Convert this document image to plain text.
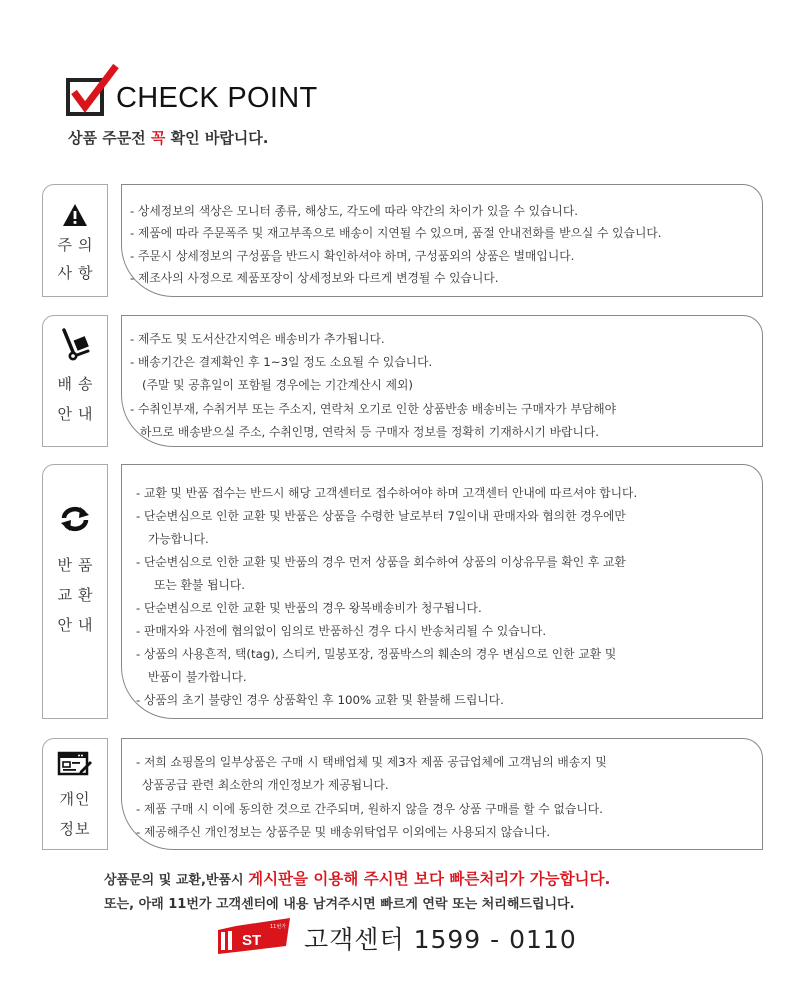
CHECK POINT
상품 주문전 꼭 확인 바랍니다.
주의
사항
- 상세정보의 색상은 모니터 종류, 해상도, 각도에 따라 약간의 차이가 있을 수 있습니다.
- 제품에 따라 주문폭주 및 재고부족으로 배송이 지연될 수 있으며, 품절 안내전화를 받으실 수 있습니다.
- 주문시 상세정보의 구성품을 반드시 확인하셔야 하며, 구성품외의 상품은 별매입니다.
- 제조사의 사정으로 제품포장이 상세정보와 다르게 변경될 수 있습니다.
배송
안내
- 제주도 및 도서산간지역은 배송비가 추가됩니다.
- 배송기간은 결제확인 후 1~3일 정도 소요될 수 있습니다.
(주말 및 공휴일이 포함될 경우에는 기간계산시 제외)
- 수취인부재, 수취거부 또는 주소지, 연락처 오기로 인한 상품반송 배송비는 구매자가 부담해야
하므로 배송받으실 주소, 수취인명, 연락처 등 구매자 정보를 정확히 기재하시기 바랍니다.
반품
교환
안내
- 교환 및 반품 접수는 반드시 해당 고객센터로 접수하여야 하며 고객센터 안내에 따르셔야 합니다.
- 단순변심으로 인한 교환 및 반품은 상품을 수령한 날로부터 7일이내 판매자와 협의한 경우에만
가능합니다.
- 단순변심으로 인한 교환 및 반품의 경우 먼저 상품을 회수하여 상품의 이상유무를 확인 후 교환
또는 환불 됩니다.
- 단순변심으로 인한 교환 및 반품의 경우 왕복배송비가 청구됩니다.
- 판매자와 사전에 협의없이 임의로 반품하신 경우 다시 반송처리될 수 있습니다.
- 상품의 사용흔적, 택(tag), 스티커, 밀봉포장, 정품박스의 훼손의 경우 변심으로 인한 교환 및
반품이 불가합니다.
- 상품의 초기 불량인 경우 상품확인 후 100% 교환 및 환불해 드립니다.
개인
정보
- 저희 쇼핑몰의 일부상품은 구매 시 택배업체 및 제3자 제품 공급업체에 고객님의 배송지 및
상품공급 관련 최소한의 개인정보가 제공됩니다.
- 제품 구매 시 이에 동의한 것으로 간주되며, 원하지 않을 경우 상품 구매를 할 수 없습니다.
- 제공해주신 개인정보는 상품주문 및 배송위탁업무 이외에는 사용되지 않습니다.
상품문의 및 교환,반품시 게시판을 이용해 주시면 보다 빠른처리가 가능합니다.
또는, 아래 11번가 고객센터에 내용 남겨주시면 빠르게 연락 또는 처리해드립니다.
ST
11번가 고객센터 1599 - 0110
